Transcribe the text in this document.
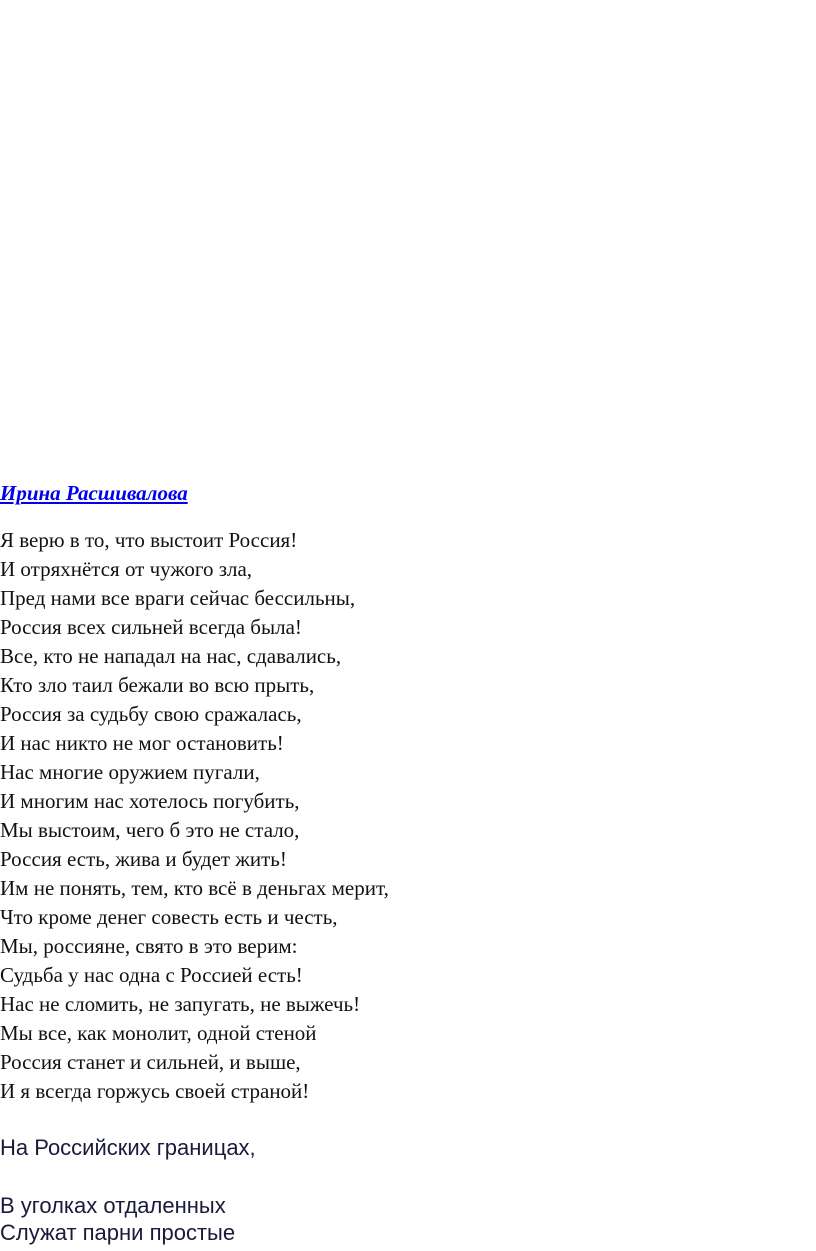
Ирина Расшивалова
Я верю в то, что выстоит Россия!
И отряхнётся от чужого зла,
Пред нами все враги сейчас бессильны,
Россия всех сильней всегда была!
Все, кто не нападал на нас, сдавались,
Кто зло таил бежали во всю прыть,
Россия за судьбу свою сражалась,
И нас никто не мог остановить!
Нас многие оружием пугали,
И многим нас хотелось погубить,
Мы выстоим, чего б это не стало,
Россия есть, жива и будет жить!
Им не понять, тем, кто всё в деньгах мерит,
Что кроме денег совесть есть и честь,
Мы, россияне, свято в это верим:
Судьба у нас одна с Россией есть!
Нас не сломить, не запугать, не выжечь!
Мы все, как монолит, одной стеной
Россия станет и сильней, и выше,
И я всегда горжусь своей страной!
На Российских границах,
В уголках отдаленных
Служат парни простые
